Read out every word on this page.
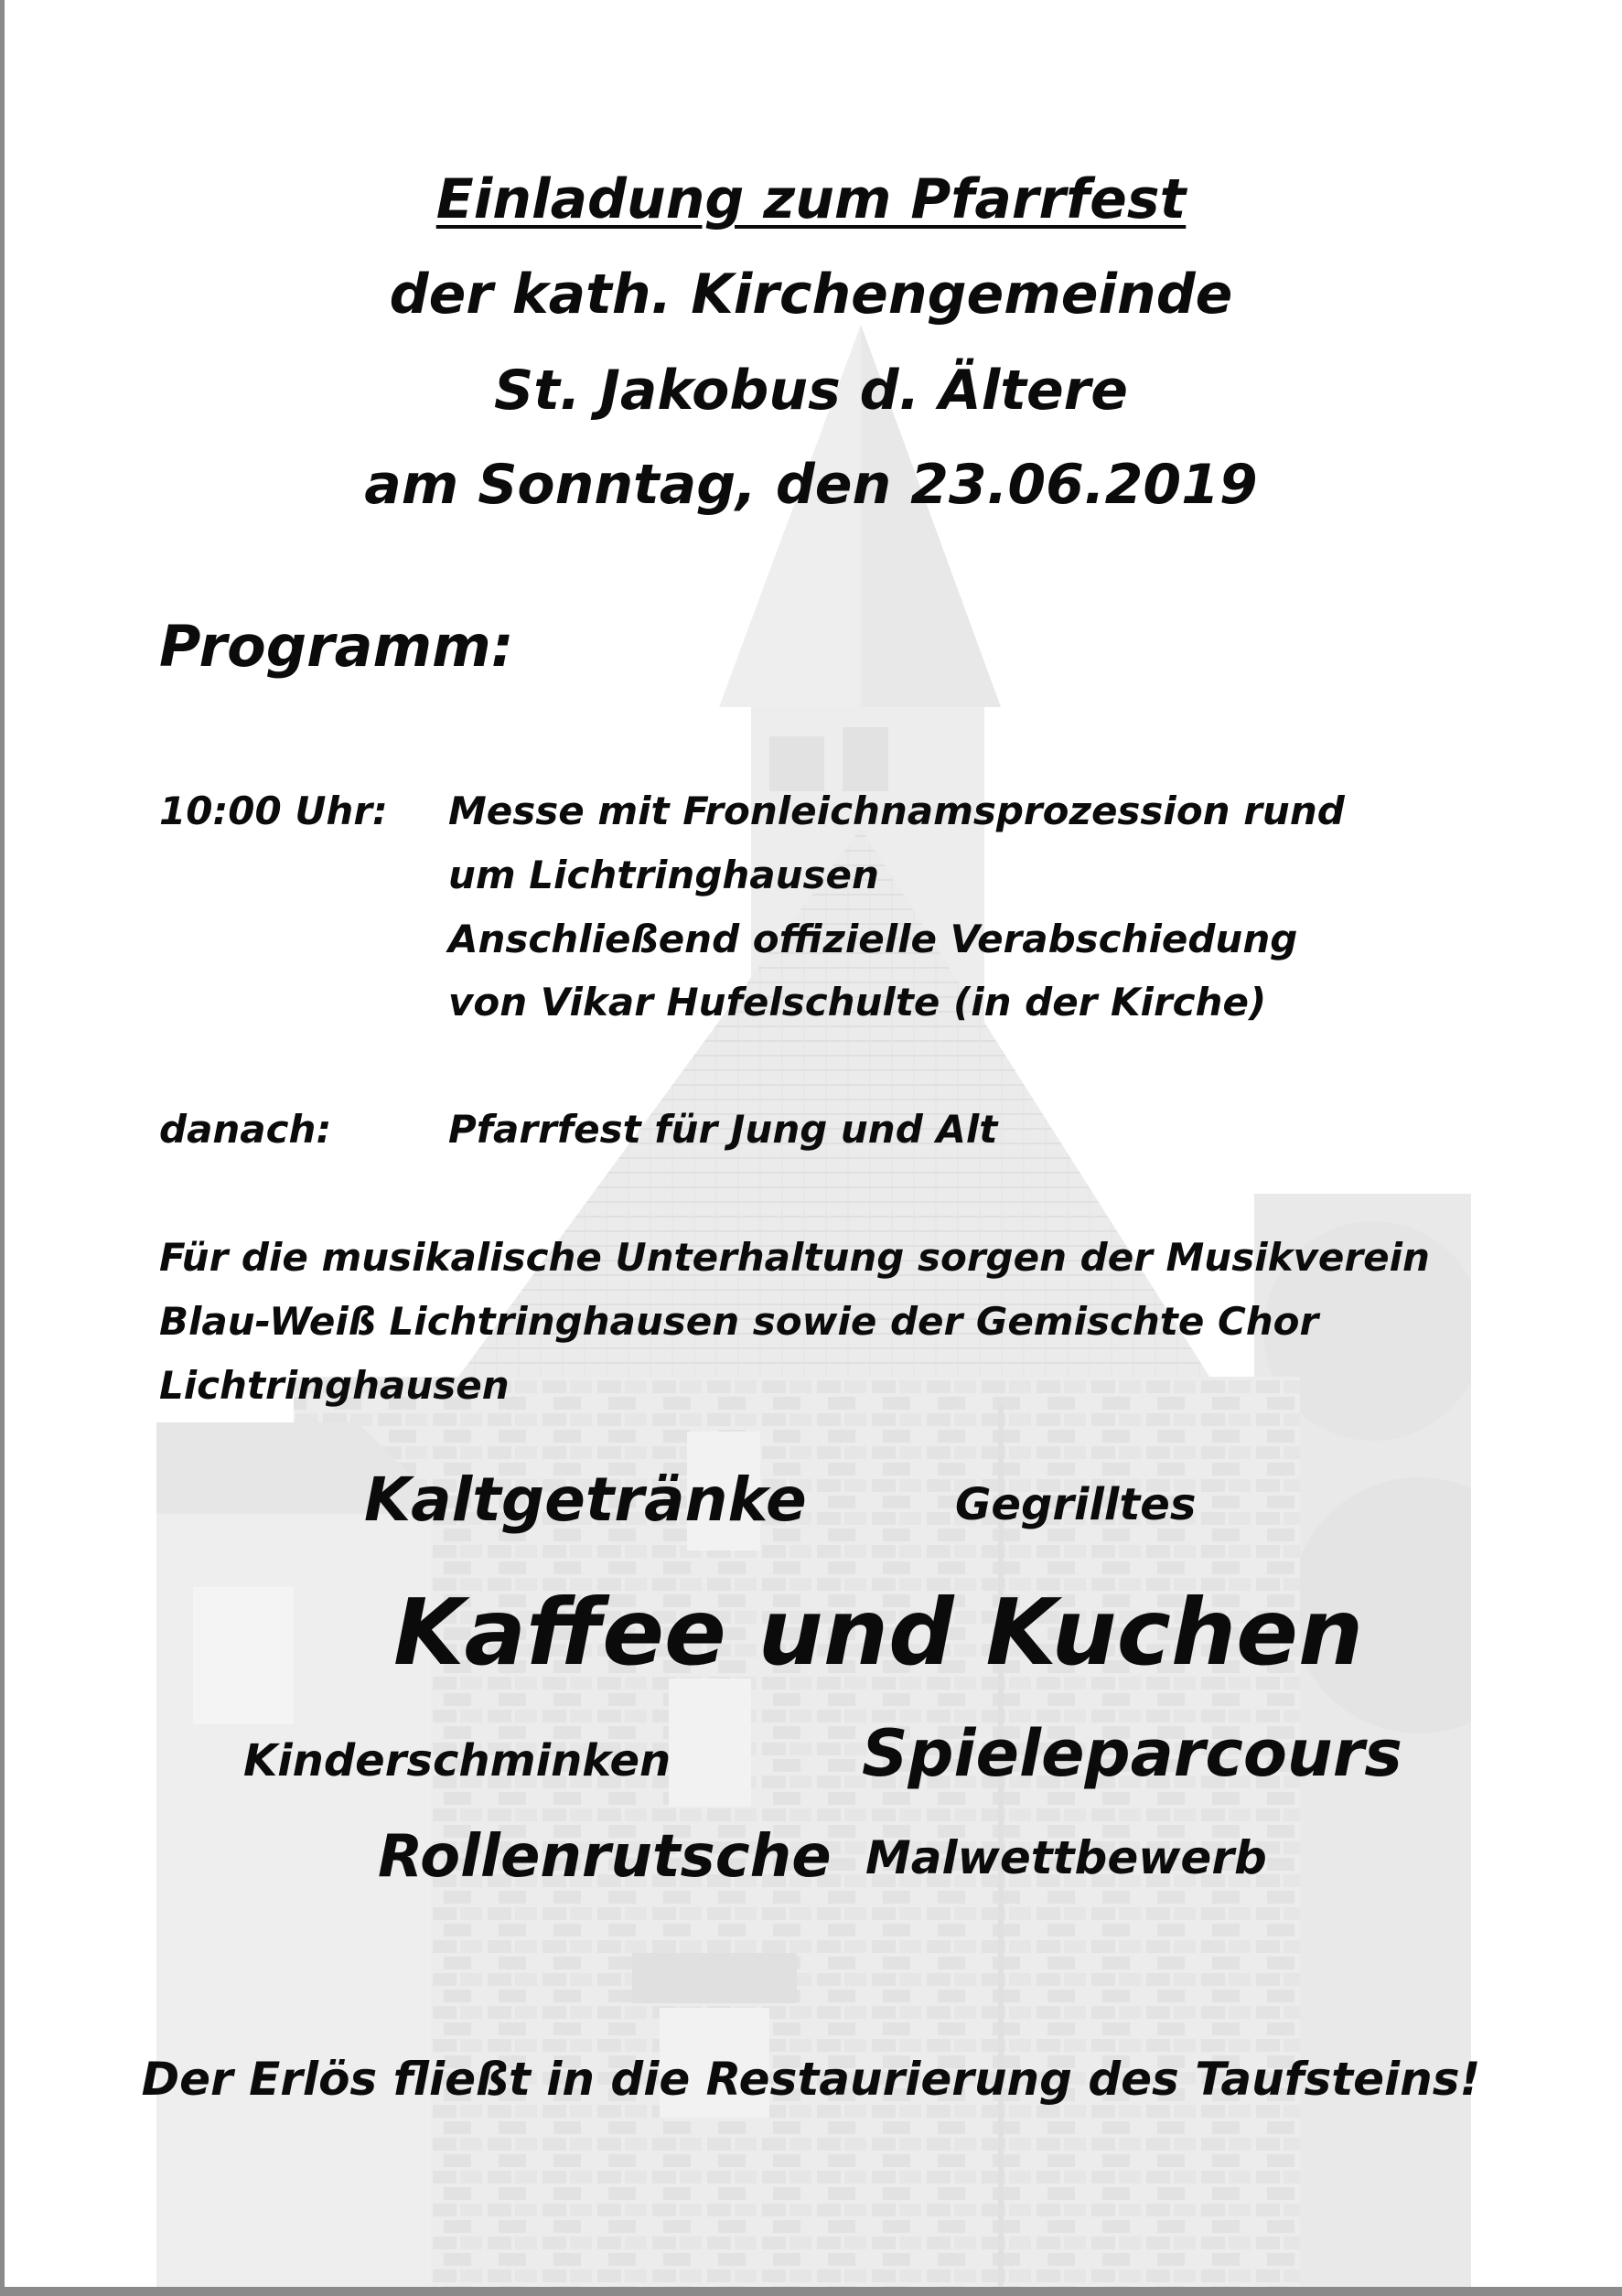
Einladung zum Pfarrfest

der kath. Kirchengemeinde

St. Jakobus d. Ältere

am Sonntag, den 23.06.2019

Programm:

10:00 Uhr: Messe mit Fronleichnamsprozession rund

um Lichtringhausen

Anschließend offizielle Verabschiedung

von Vikar Hufelschulte (in der Kirche)

danach:	Pfarrfest für Jung und Alt

Für die musikalische Unterhaltung sorgen der Musikverein

Blau-Weiß Lichtringhausen sowie der Gemischte Chor

Lichtringhausen

Kaltgetränke	Gegrilltes

Kaffee und Kuchen

Kinderschminken	Spieleparcours

Rollenrutsche Malwettbewerb

Der Erlös fließt in die Restaurierung des Taufsteins!
